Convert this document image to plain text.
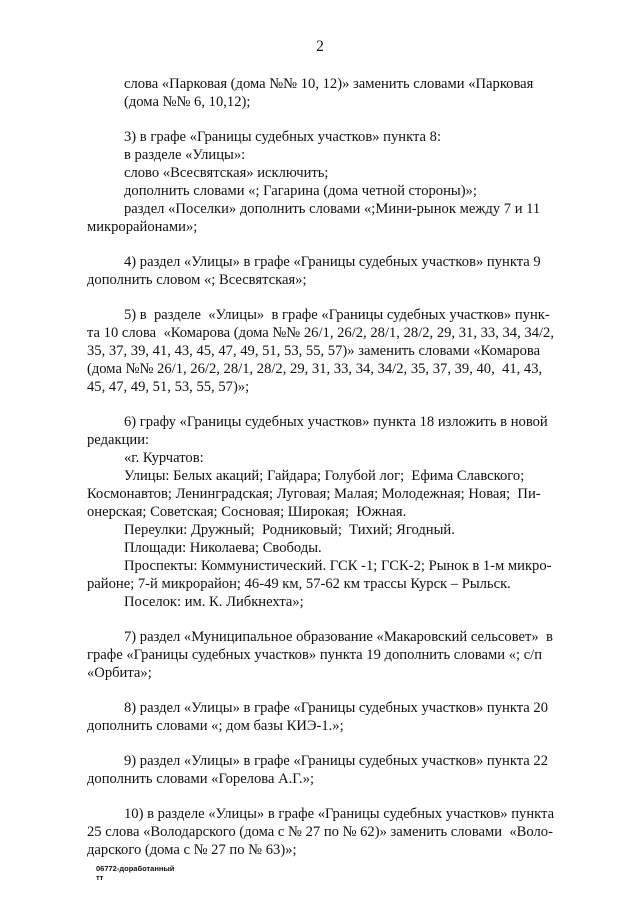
2
слова «Парковая (дома №№ 10, 12)» заменить словами «Парковая
(дома №№ 6, 10,12);
3) в графе «Границы судебных участков» пункта 8:
в разделе «Улицы»:
слово «Всесвятская» исключить;
дополнить словами «; Гагарина (дома четной стороны)»;
раздел «Поселки» дополнить словами «;Мини-рынок между 7 и 11
микрорайонами»;
4) раздел «Улицы» в графе «Границы судебных участков» пункта 9
дополнить словом «; Всесвятская»;
5) в  разделе  «Улицы»  в графе «Границы судебных участков» пунк-
та 10 слова  «Комарова (дома №№ 26/1, 26/2, 28/1, 28/2, 29, 31, 33, 34, 34/2,
35, 37, 39, 41, 43, 45, 47, 49, 51, 53, 55, 57)» заменить словами «Комарова
(дома №№ 26/1, 26/2, 28/1, 28/2, 29, 31, 33, 34, 34/2, 35, 37, 39, 40,  41, 43,
45, 47, 49, 51, 53, 55, 57)»;
6) графу «Границы судебных участков» пункта 18 изложить в новой
редакции:
«г. Курчатов:
Улицы: Белых акаций; Гайдара; Голубой лог;  Ефима Славского;
Космонавтов; Ленинградская; Луговая; Малая; Молодежная; Новая;  Пи-
онерская; Советская; Сосновая; Широкая;  Южная.
Переулки: Дружный;  Родниковый;  Тихий; Ягодный.
Площади: Николаева; Свободы.
Проспекты: Коммунистический. ГСК -1; ГСК-2; Рынок в 1-м микро-
районе; 7-й микрорайон; 46-49 км, 57-62 км трассы Курск – Рыльск.
Поселок: им. К. Либкнехта»;
7) раздел «Муниципальное образование «Макаровский сельсовет»  в
графе «Границы судебных участков» пункта 19 дополнить словами «; с/п
«Орбита»;
8) раздел «Улицы» в графе «Границы судебных участков» пункта 20
дополнить словами «; дом базы КИЭ-1.»;
9) раздел «Улицы» в графе «Границы судебных участков» пункта 22
дополнить словами «Горелова А.Г.»;
10) в разделе «Улицы» в графе «Границы судебных участков» пункта
25 слова «Володарского (дома с № 27 по № 62)» заменить словами  «Воло-
дарского (дома с № 27 по № 63)»;
06772-доработанный
тт
